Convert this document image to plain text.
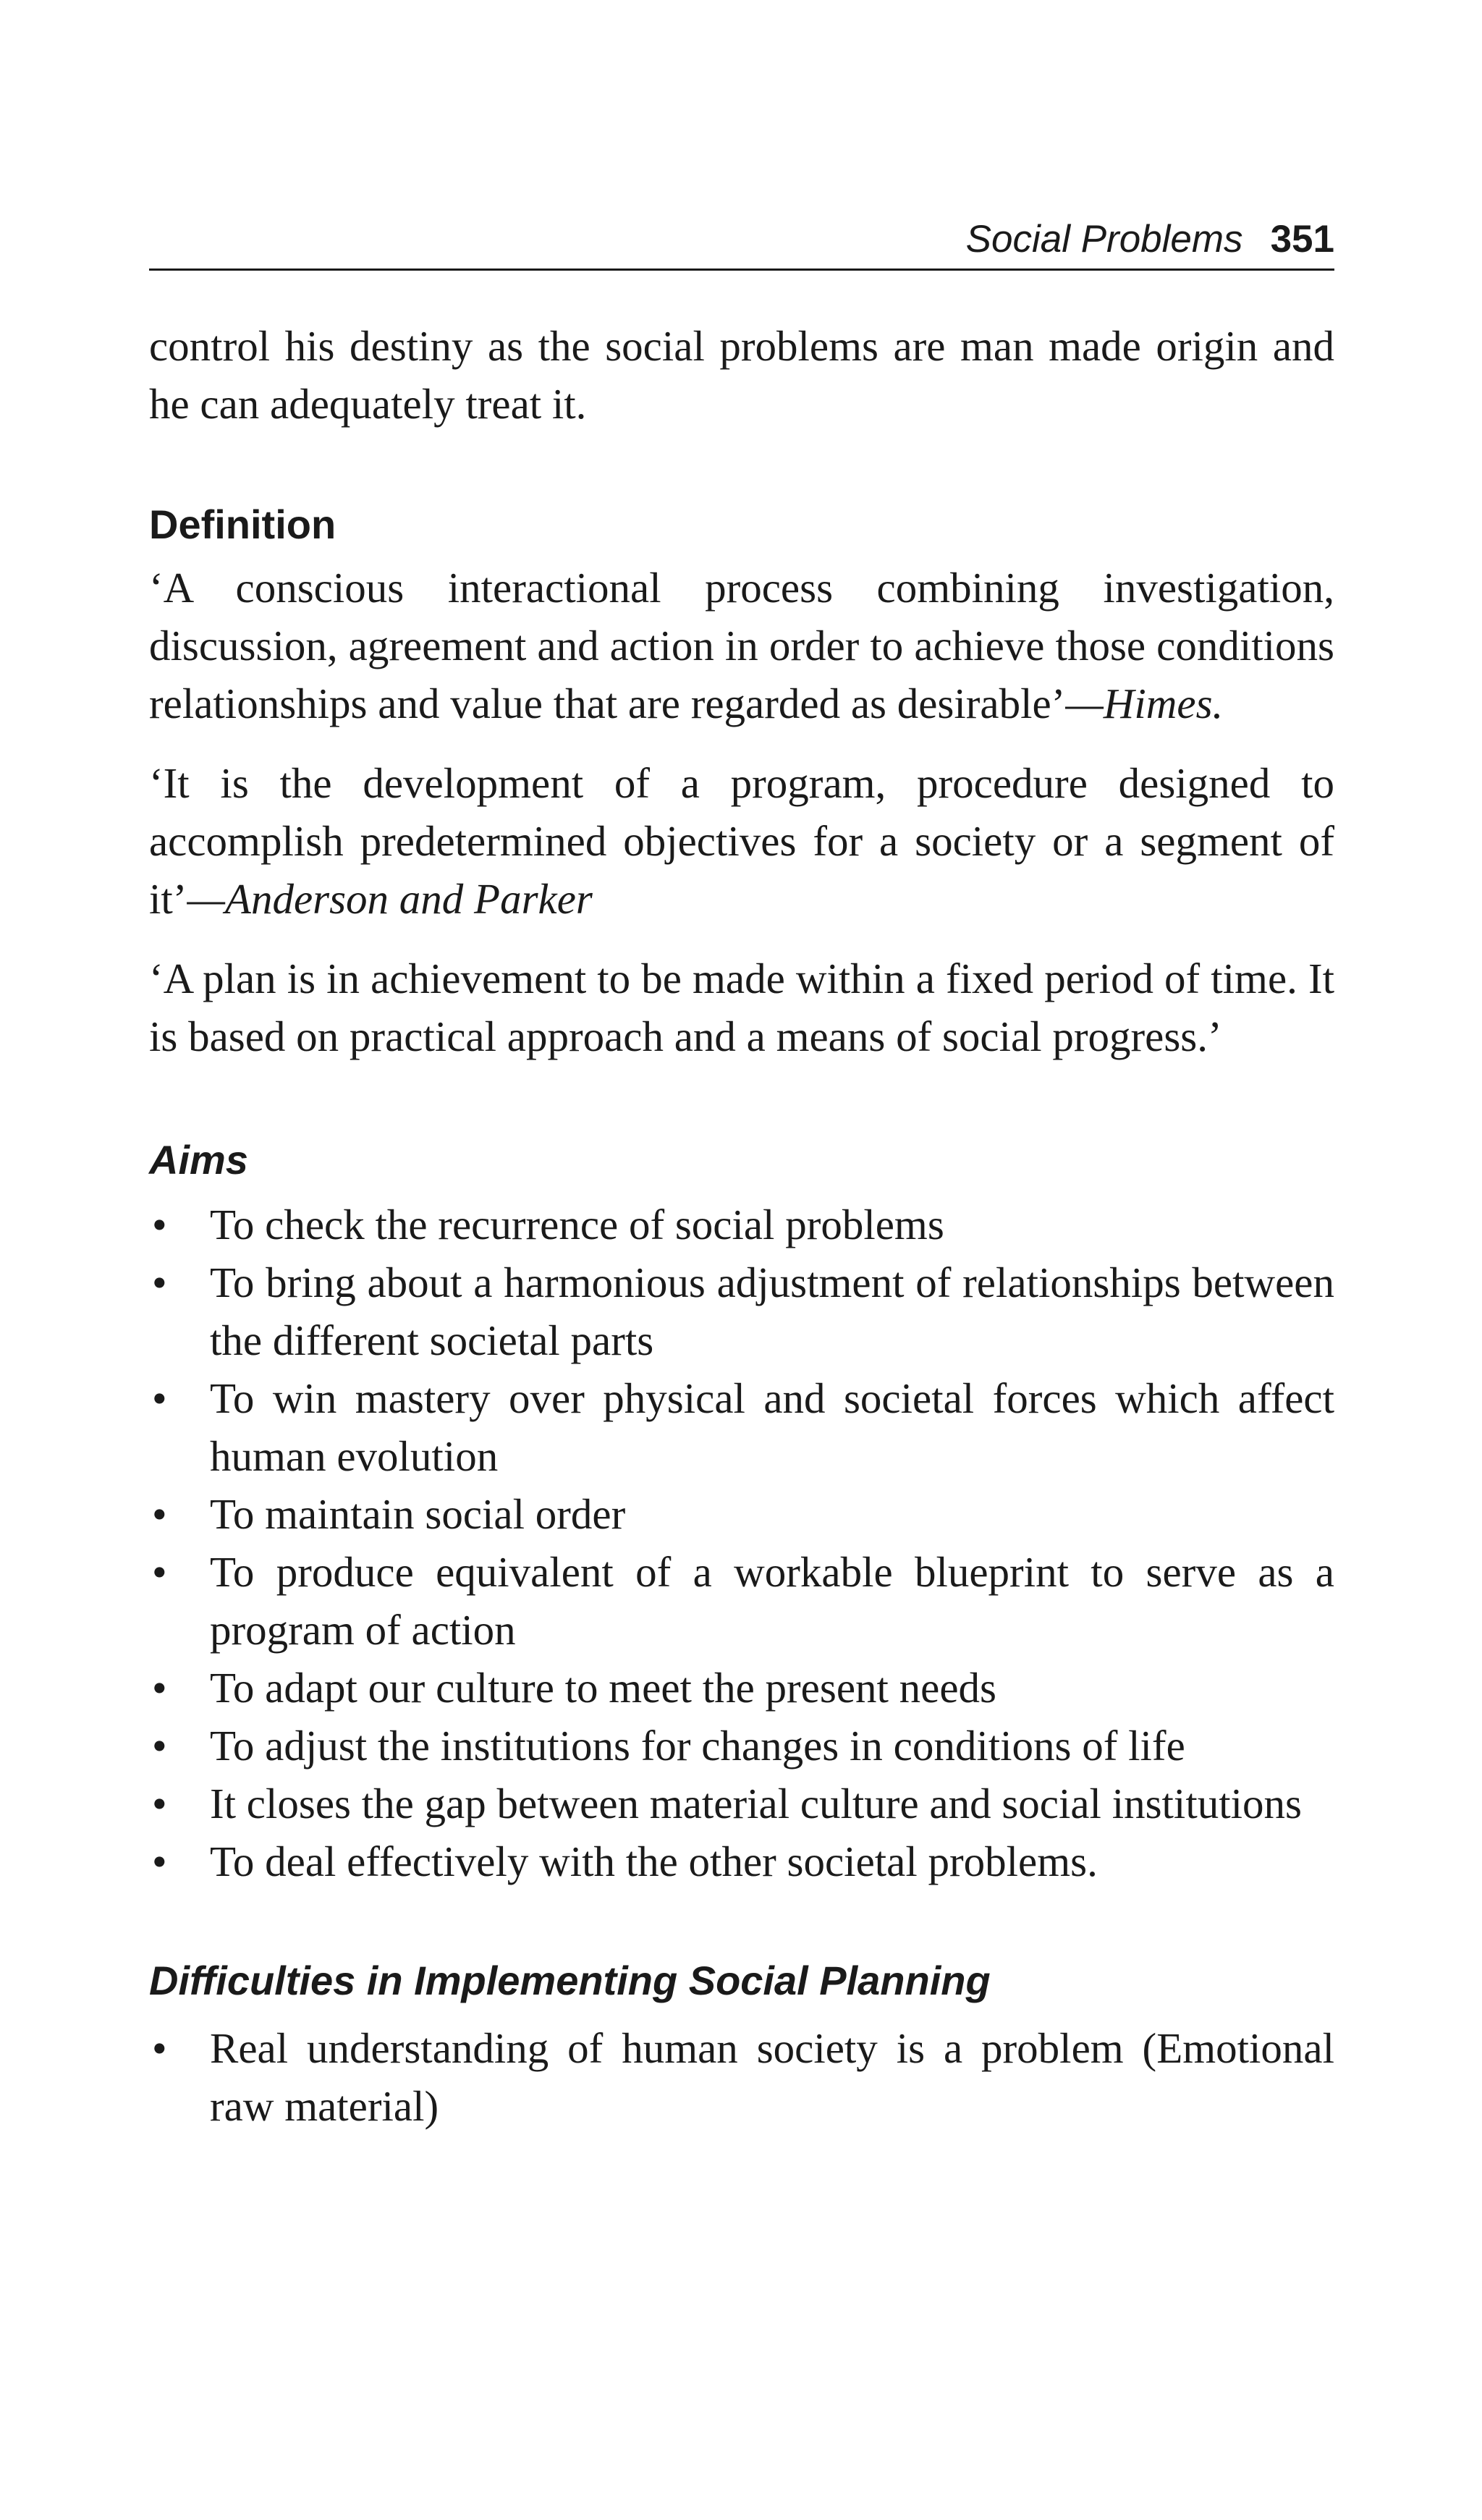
Social Problems 351

control his destiny as the social problems are man made origin and he can adequately treat it.

Definition

‘A conscious interactional process combining investigation, discussion, agreement and action in order to achieve those conditions relationships and value that are regarded as desirable’—Himes.

‘It is the development of a program, procedure designed to accomplish predetermined objectives for a society or a segment of it’—Anderson and Parker

‘A plan is in achievement to be made within a fixed period of time. It is based on practical approach and a means of social progress.’

Aims
• To check the recurrence of social problems
• To bring about a harmonious adjustment of relationships between the different societal parts
• To win mastery over physical and societal forces which affect human evolution
• To maintain social order
• To produce equivalent of a workable blueprint to serve as a program of action
• To adapt our culture to meet the present needs
• To adjust the institutions for changes in conditions of life
• It closes the gap between material culture and social institutions
• To deal effectively with the other societal problems.
Difficulties in Implementing Social Planning
• Real understanding of human society is a problem (Emotional raw material)
